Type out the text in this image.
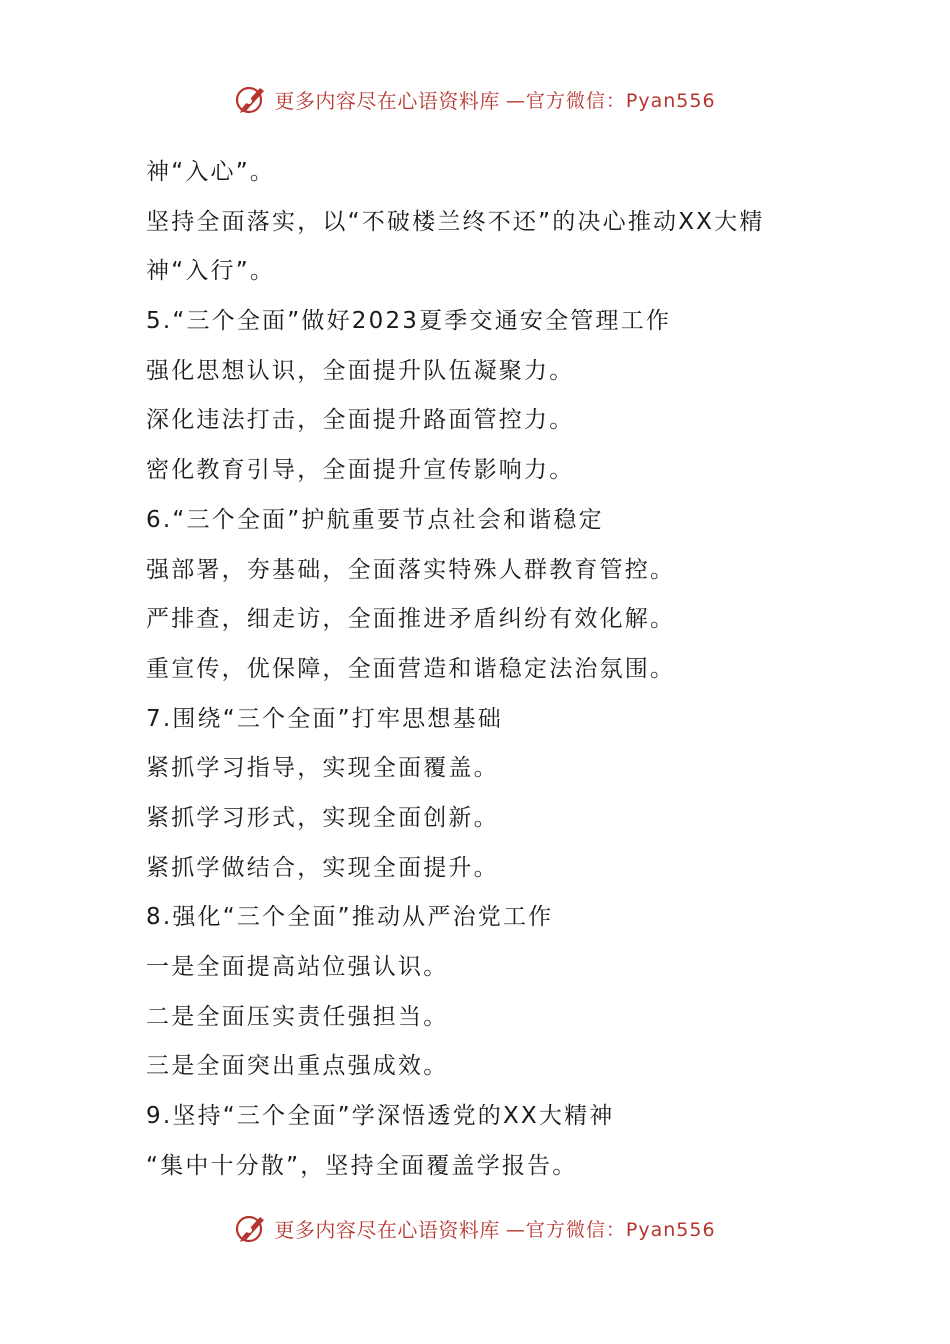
更多内容尽在心语资料库 —官方微信：Pyan556
神“入心”。
坚持全面落实，以“不破楼兰终不还”的决心推动XX大精
神“入行”。
5.“三个全面”做好2023夏季交通安全管理工作
强化思想认识，全面提升队伍凝聚力。
深化违法打击，全面提升路面管控力。
密化教育引导，全面提升宣传影响力。
6.“三个全面”护航重要节点社会和谐稳定
强部署，夯基础，全面落实特殊人群教育管控。
严排查，细走访，全面推进矛盾纠纷有效化解。
重宣传，优保障，全面营造和谐稳定法治氛围。
7.围绕“三个全面”打牢思想基础
紧抓学习指导，实现全面覆盖。
紧抓学习形式，实现全面创新。
紧抓学做结合，实现全面提升。
8.强化“三个全面”推动从严治党工作
一是全面提高站位强认识。
二是全面压实责任强担当。
三是全面突出重点强成效。
9.坚持“三个全面”学深悟透党的XX大精神
“集中十分散”，坚持全面覆盖学报告。
更多内容尽在心语资料库 —官方微信：Pyan556
